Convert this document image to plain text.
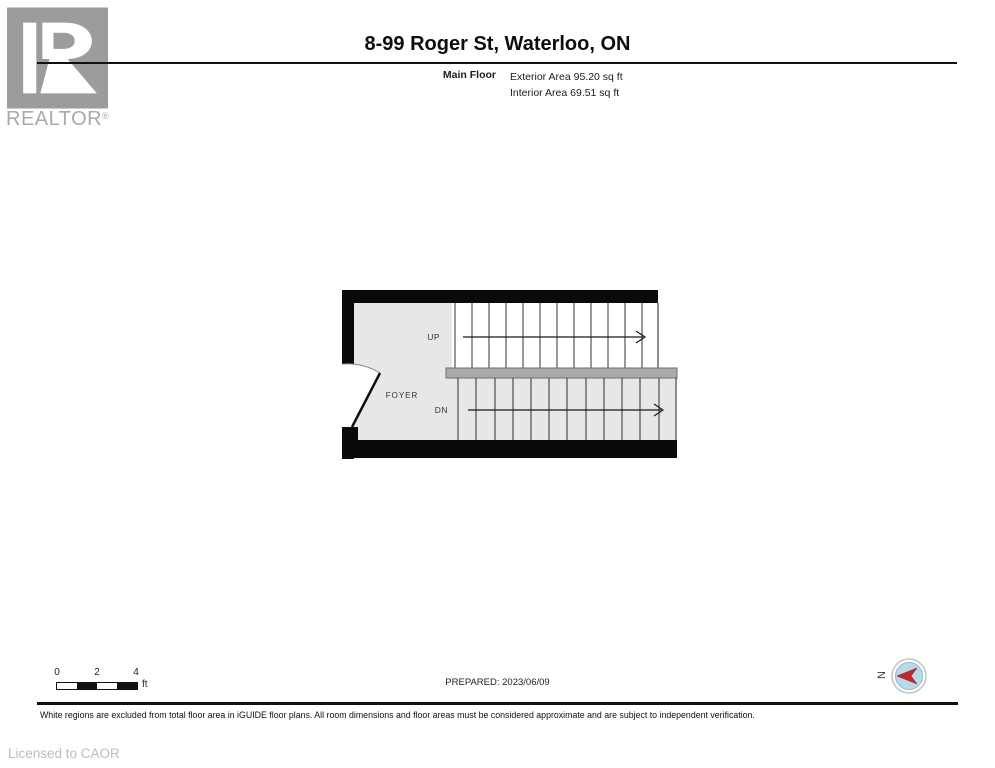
REALTOR®
8-99 Roger St, Waterloo, ON
Main Floor Exterior Area 95.20 sq ft
Interior Area 69.51 sq ft
UP
DN
FOYER
0	2	4
ft	PREPARED: 2023/06/09
N
White regions are excluded from total floor area in iGUIDE floor plans. All room dimensions and floor areas must be considered approximate and are subject to independent verification.
Licensed to CAOR
